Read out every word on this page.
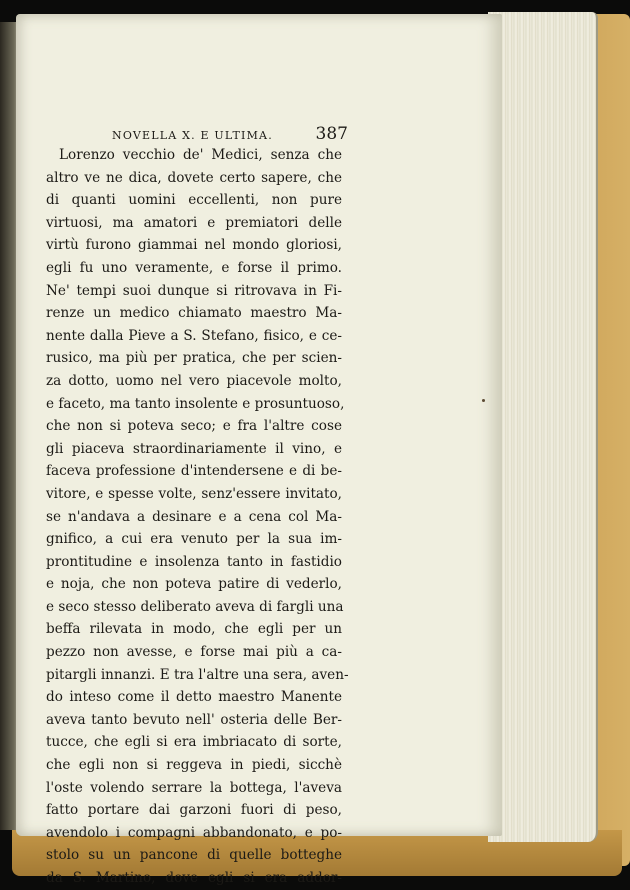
NOVELLA X. E ULTIMA.	387
Lorenzo vecchio de' Medici, senza che
altro ve ne dica, dovete certo sapere, che
di quanti uomini eccellenti, non pure
virtuosi, ma amatori e premiatori delle
virtù furono giammai nel mondo gloriosi,
egli fu uno veramente, e forse il primo.
Ne' tempi suoi dunque si ritrovava in Fi-
renze un medico chiamato maestro Ma-
nente dalla Pieve a S. Stefano, fisico, e ce-
rusico, ma più per pratica, che per scien-
za dotto, uomo nel vero piacevole molto,
e faceto, ma tanto insolente e prosuntuoso,
che non si poteva seco; e fra l'altre cose
gli piaceva straordinariamente il vino, e
faceva professione d'intendersene e di be-
vitore, e spesse volte, senz'essere invitato,
se n'andava a desinare e a cena col Ma-
gnifico, a cui era venuto per la sua im-
prontitudine e insolenza tanto in fastidio
e noja, che non poteva patire di vederlo,
e seco stesso deliberato aveva di fargli una
beffa rilevata in modo, che egli per un
pezzo non avesse, e forse mai più a ca-
pitargli innanzi. E tra l'altre una sera, aven-
do inteso come il detto maestro Manente
aveva tanto bevuto nell' osteria delle Ber-
tucce, che egli si era imbriacato di sorte,
che egli non si reggeva in piedi, sicchè
l'oste volendo serrare la bottega, l'aveva
fatto portare dai garzoni fuori di peso,
avendolo i compagni abbandonato, e po-
stolo su un pancone di quelle botteghe
da S. Martino, dove egli si era addor-
